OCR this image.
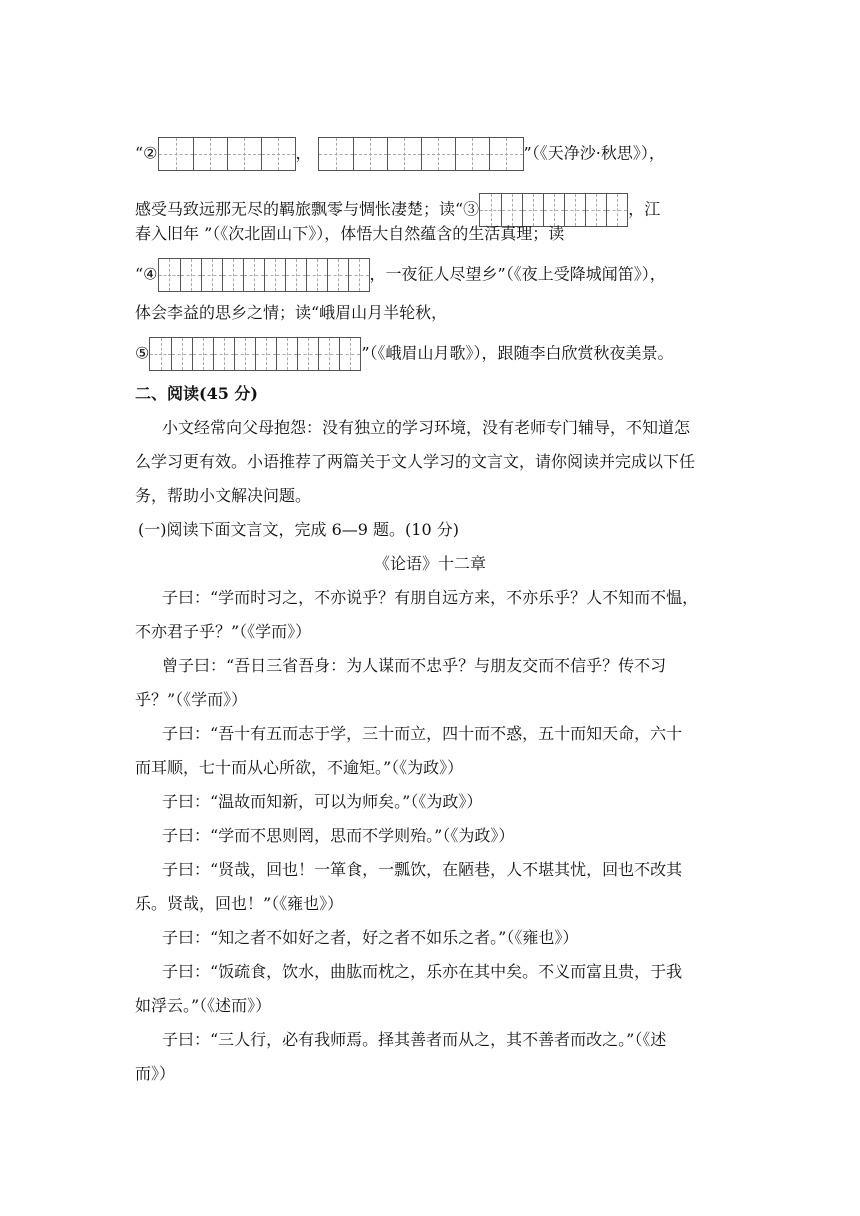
“②	，	”（《天净沙·秋思》），
感受马致远那无尽的羁旅飘零与惆怅凄楚；读“③	，江
春入旧年 ”（《次北固山下》），体悟大自然蕴含的生活真理；读
“④	，一夜征人尽望乡”（《夜上受降城闻笛》），
体会李益的思乡之情；读“峨眉山月半轮秋，
⑤	”（《峨眉山月歌》），跟随李白欣赏秋夜美景。
二、阅读(45 分)
小文经常向父母抱怨：没有独立的学习环境，没有老师专门辅导，不知道怎
么学习更有效。小语推荐了两篇关于文人学习的文言文，请你阅读并完成以下任
务，帮助小文解决问题。
(一)阅读下面文言文，完成 6—9 题。(10 分)
《论语》十二章
子曰：“学而时习之，不亦说乎？有朋自远方来，不亦乐乎？人不知而不愠，
不亦君子乎？”（《学而》）
曾子曰：“吾日三省吾身：为人谋而不忠乎？与朋友交而不信乎？传不习
乎？”（《学而》）
子曰：“吾十有五而志于学，三十而立，四十而不惑，五十而知天命，六十
而耳顺，七十而从心所欲，不逾矩。”（《为政》）
子曰：“温故而知新，可以为师矣。”（《为政》）
子曰：“学而不思则罔，思而不学则殆。”（《为政》）
子曰：“贤哉，回也！一箪食，一瓢饮，在陋巷，人不堪其忧，回也不改其
乐。贤哉，回也！”（《雍也》）
子曰：“知之者不如好之者，好之者不如乐之者。”（《雍也》）
子曰：“饭疏食，饮水，曲肱而枕之，乐亦在其中矣。不义而富且贵，于我
如浮云。”（《述而》）
子曰：“三人行，必有我师焉。择其善者而从之，其不善者而改之。”（《述
而》）
